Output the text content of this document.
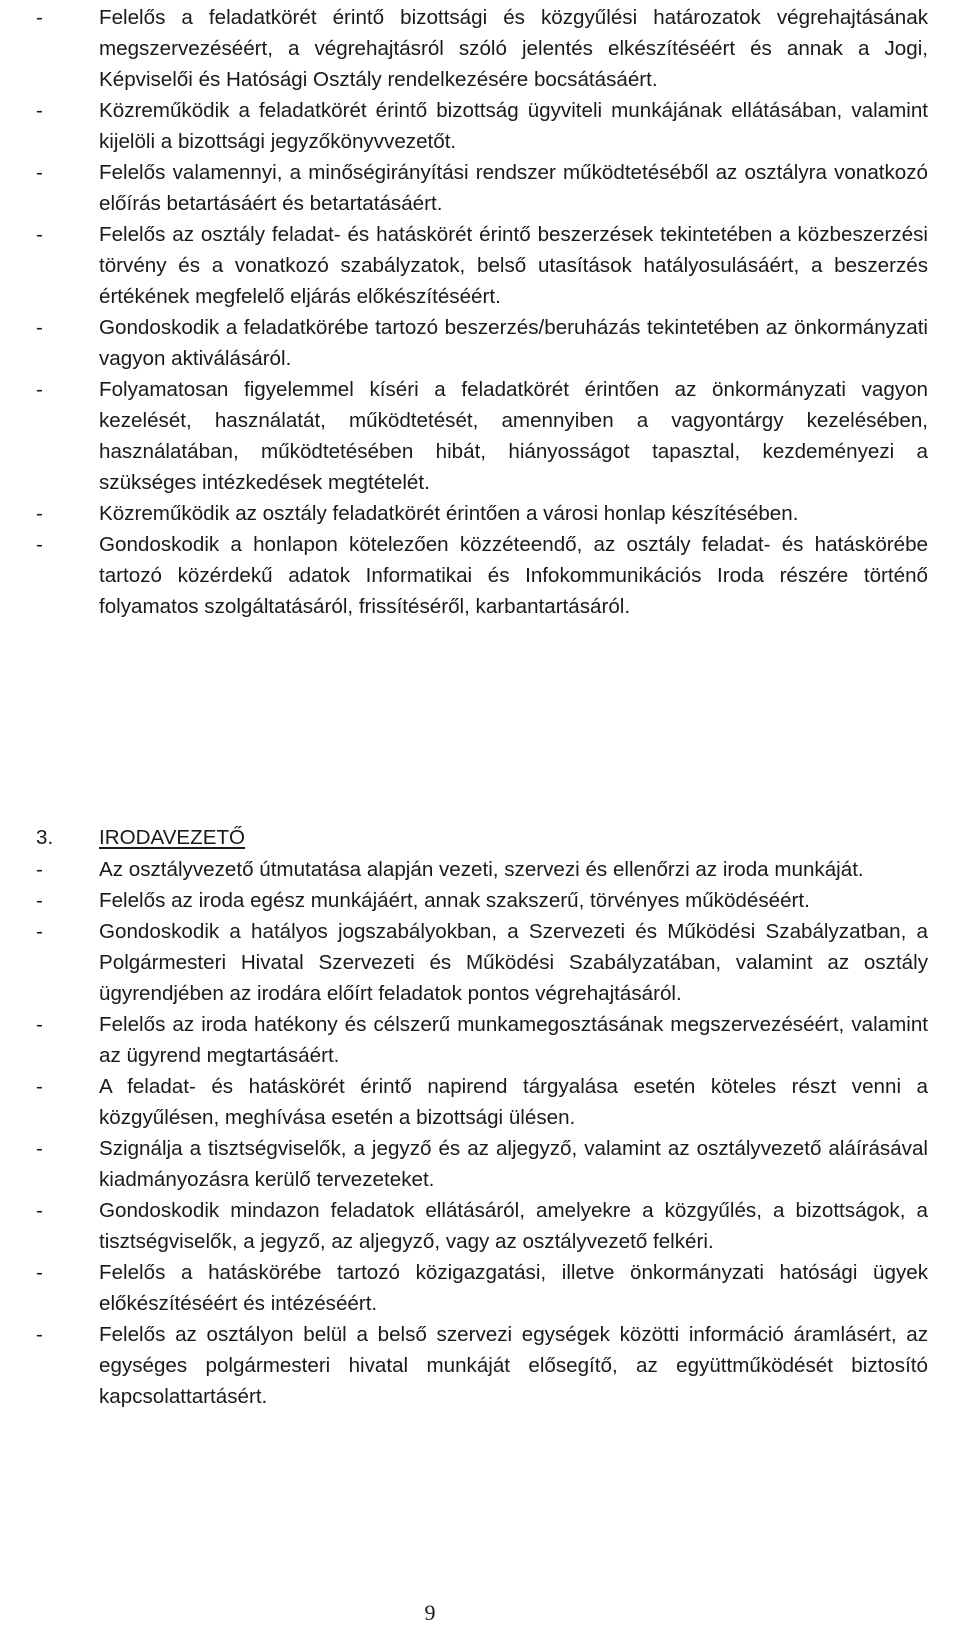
-	Felelős a feladatkörét érintő bizottsági és közgyűlési határozatok végrehajtásának megszervezéséért, a végrehajtásról szóló jelentés elkészítéséért és annak a Jogi, Képviselői és Hatósági Osztály rendelkezésére bocsátásáért.
-	Közreműködik a feladatkörét érintő bizottság ügyviteli munkájának ellátásában, valamint kijelöli a bizottsági jegyzőkönyvvezetőt.
-	Felelős valamennyi, a minőségirányítási rendszer működtetéséből az osztályra vonatkozó előírás betartásáért és betartatásáért.
-	Felelős az osztály feladat- és hatáskörét érintő beszerzések tekintetében a közbeszerzési törvény és a vonatkozó szabályzatok, belső utasítások hatályosulásáért, a beszerzés értékének megfelelő eljárás előkészítéséért.
-	Gondoskodik a feladatkörébe tartozó beszerzés/beruházás tekintetében az önkormányzati vagyon aktiválásáról.
-	Folyamatosan figyelemmel kíséri a feladatkörét érintően az önkormányzati vagyon kezelését, használatát, működtetését, amennyiben a vagyontárgy kezelésében, használatában, működtetésében hibát, hiányosságot tapasztal, kezdeményezi a szükséges intézkedések megtételét.
-	Közreműködik az osztály feladatkörét érintően a városi honlap készítésében.
-	Gondoskodik a honlapon kötelezően közzéteendő, az osztály feladat- és hatáskörébe tartozó közérdekű adatok Informatikai és Infokommunikációs Iroda részére történő folyamatos szolgáltatásáról, frissítéséről, karbantartásáról.
3.	IRODAVEZETŐ
-	Az osztályvezető útmutatása alapján vezeti, szervezi és ellenőrzi az iroda munkáját.
-	Felelős az iroda egész munkájáért, annak szakszerű, törvényes működéséért.
-	Gondoskodik a hatályos jogszabályokban, a Szervezeti és Működési Szabályzatban, a Polgármesteri Hivatal Szervezeti és Működési Szabályzatában, valamint az osztály ügyrendjében az irodára előírt feladatok pontos végrehajtásáról.
-	Felelős az iroda hatékony és célszerű munkamegosztásának megszervezéséért, valamint az ügyrend megtartásáért.
-	A feladat- és hatáskörét érintő napirend tárgyalása esetén köteles részt venni a közgyűlésen, meghívása esetén a bizottsági ülésen.
-	Szignálja a tisztségviselők, a jegyző és az aljegyző, valamint az osztályvezető aláírásával kiadmányozásra kerülő tervezeteket.
-	Gondoskodik mindazon feladatok ellátásáról, amelyekre a közgyűlés, a bizottságok, a tisztségviselők, a jegyző, az aljegyző, vagy az osztályvezető felkéri.
-	Felelős a hatáskörébe tartozó közigazgatási, illetve önkormányzati hatósági ügyek előkészítéséért és intézéséért.
-	Felelős az osztályon belül a belső szervezi egységek közötti információ áramlásért, az egységes polgármesteri hivatal munkáját elősegítő, az együttműködését biztosító kapcsolattartásért.
9
